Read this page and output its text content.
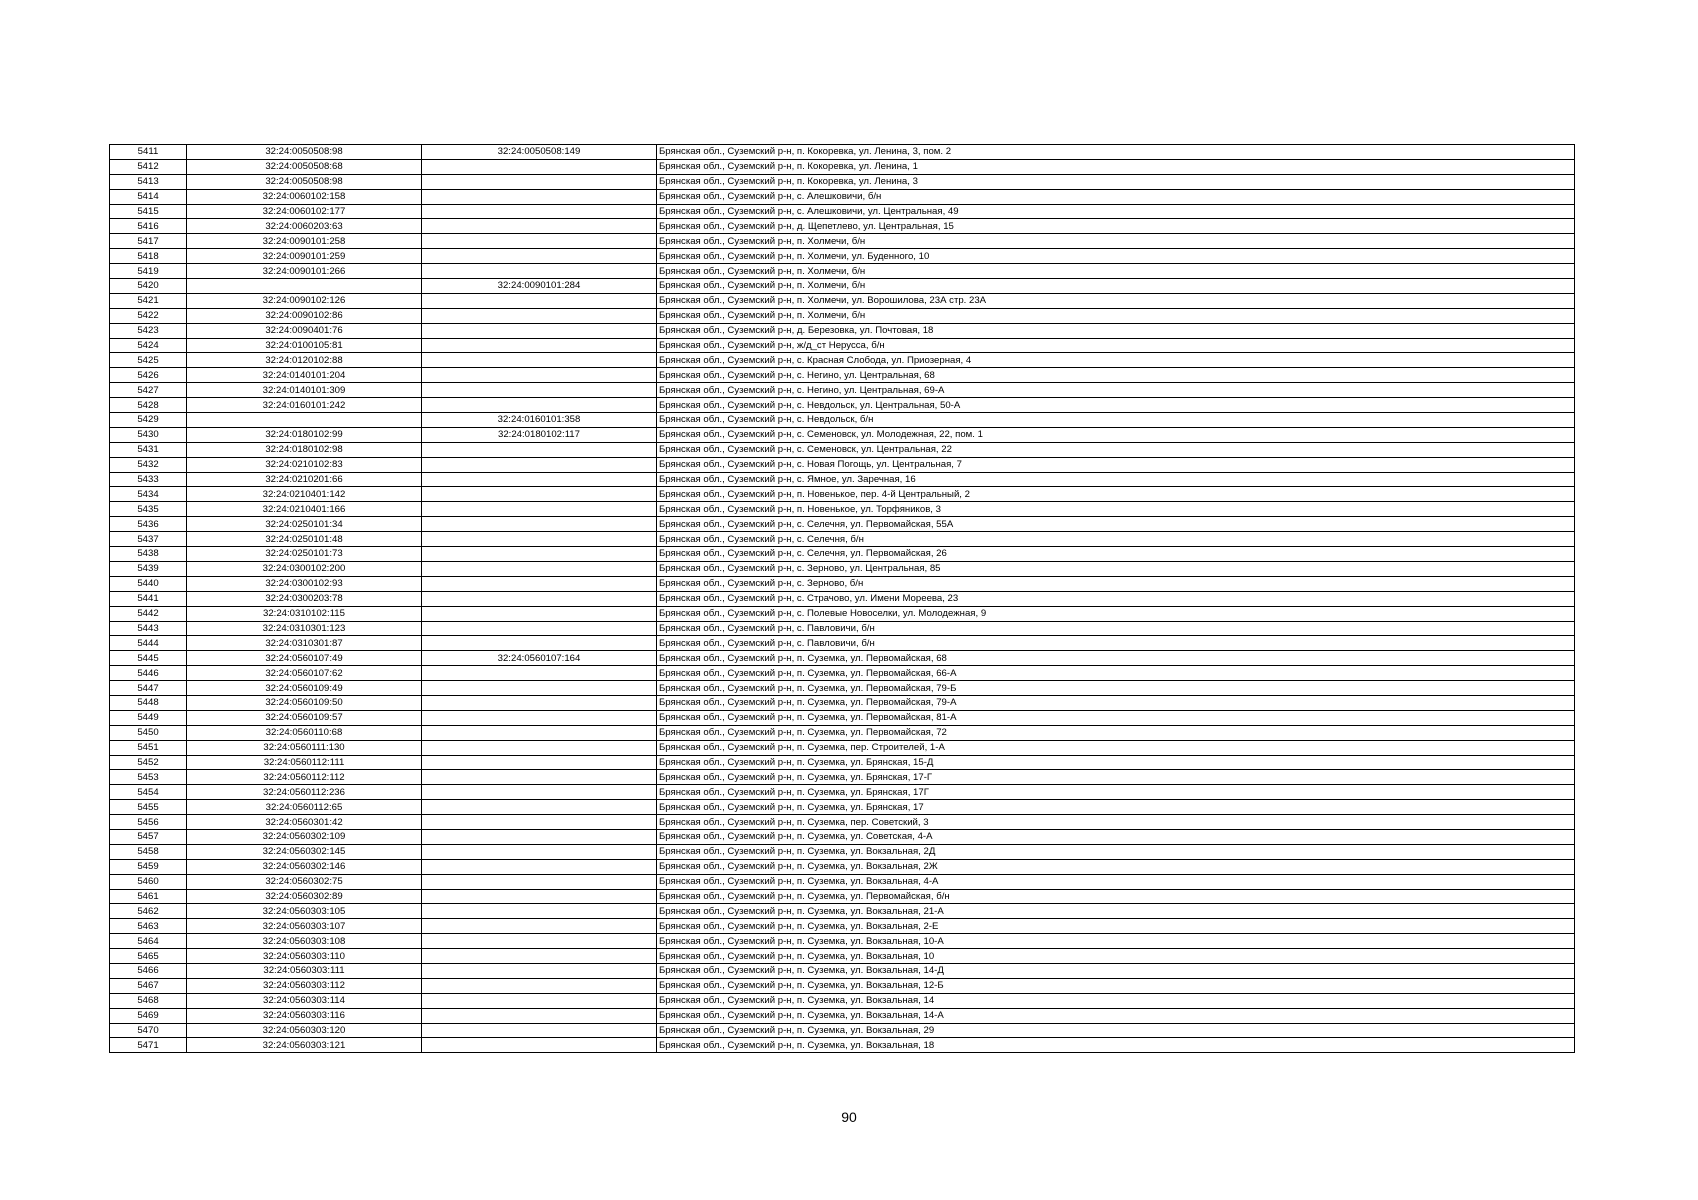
5411	32:24:0050508:98	32:24:0050508:149	Брянская обл., Суземский р-н, п. Кокоревка, ул. Ленина, 3, пом. 2
5412	32:24:0050508:68		Брянская обл., Суземский р-н, п. Кокоревка, ул. Ленина, 1
5413	32:24:0050508:98		Брянская обл., Суземский р-н, п. Кокоревка, ул. Ленина, 3
5414	32:24:0060102:158		Брянская обл., Суземский р-н, с. Алешковичи, б/н
5415	32:24:0060102:177		Брянская обл., Суземский р-н, с. Алешковичи, ул. Центральная, 49
5416	32:24:0060203:63		Брянская обл., Суземский р-н, д. Щепетлево, ул. Центральная, 15
5417	32:24:0090101:258		Брянская обл., Суземский р-н, п. Холмечи, б/н
5418	32:24:0090101:259		Брянская обл., Суземский р-н, п. Холмечи, ул. Буденного, 10
5419	32:24:0090101:266		Брянская обл., Суземский р-н, п. Холмечи, б/н
5420		32:24:0090101:284	Брянская обл., Суземский р-н, п. Холмечи, б/н
5421	32:24:0090102:126		Брянская обл., Суземский р-н, п. Холмечи, ул. Ворошилова, 23А стр. 23А
5422	32:24:0090102:86		Брянская обл., Суземский р-н, п. Холмечи, б/н
5423	32:24:0090401:76		Брянская обл., Суземский р-н, д. Березовка, ул. Почтовая, 18
5424	32:24:0100105:81		Брянская обл., Суземский р-н, ж/д_ст Нерусса, б/н
5425	32:24:0120102:88		Брянская обл., Суземский р-н, с. Красная Слобода, ул. Приозерная, 4
5426	32:24:0140101:204		Брянская обл., Суземский р-н, с. Негино, ул. Центральная, 68
5427	32:24:0140101:309		Брянская обл., Суземский р-н, с. Негино, ул. Центральная, 69-А
5428	32:24:0160101:242		Брянская обл., Суземский р-н, с. Невдольск, ул. Центральная, 50-А
5429		32:24:0160101:358	Брянская обл., Суземский р-н, с. Невдольск, б/н
5430	32:24:0180102:99	32:24:0180102:117	Брянская обл., Суземский р-н, с. Семеновск, ул. Молодежная, 22, пом. 1
5431	32:24:0180102:98		Брянская обл., Суземский р-н, с. Семеновск, ул. Центральная, 22
5432	32:24:0210102:83		Брянская обл., Суземский р-н, с. Новая Погощь, ул. Центральная, 7
5433	32:24:0210201:66		Брянская обл., Суземский р-н, с. Ямное, ул. Заречная, 16
5434	32:24:0210401:142		Брянская обл., Суземский р-н, п. Новенькое, пер. 4-й Центральный, 2
5435	32:24:0210401:166		Брянская обл., Суземский р-н, п. Новенькое, ул. Торфяников, 3
5436	32:24:0250101:34		Брянская обл., Суземский р-н, с. Селечня, ул. Первомайская, 55А
5437	32:24:0250101:48		Брянская обл., Суземский р-н, с. Селечня, б/н
5438	32:24:0250101:73		Брянская обл., Суземский р-н, с. Селечня, ул. Первомайская, 26
5439	32:24:0300102:200		Брянская обл., Суземский р-н, с. Зерново, ул. Центральная, 85
5440	32:24:0300102:93		Брянская обл., Суземский р-н, с. Зерново, б/н
5441	32:24:0300203:78		Брянская обл., Суземский р-н, с. Страчово, ул. Имени Мореева, 23
5442	32:24:0310102:115		Брянская обл., Суземский р-н, с. Полевые Новоселки, ул. Молодежная, 9
5443	32:24:0310301:123		Брянская обл., Суземский р-н, с. Павловичи, б/н
5444	32:24:0310301:87		Брянская обл., Суземский р-н, с. Павловичи, б/н
5445	32:24:0560107:49	32:24:0560107:164	Брянская обл., Суземский р-н, п. Суземка, ул. Первомайская, 68
5446	32:24:0560107:62		Брянская обл., Суземский р-н, п. Суземка, ул. Первомайская, 66-А
5447	32:24:0560109:49		Брянская обл., Суземский р-н, п. Суземка, ул. Первомайская, 79-Б
5448	32:24:0560109:50		Брянская обл., Суземский р-н, п. Суземка, ул. Первомайская, 79-А
5449	32:24:0560109:57		Брянская обл., Суземский р-н, п. Суземка, ул. Первомайская, 81-А
5450	32:24:0560110:68		Брянская обл., Суземский р-н, п. Суземка, ул. Первомайская, 72
5451	32:24:0560111:130		Брянская обл., Суземский р-н, п. Суземка, пер. Строителей, 1-А
5452	32:24:0560112:111		Брянская обл., Суземский р-н, п. Суземка, ул. Брянская, 15-Д
5453	32:24:0560112:112		Брянская обл., Суземский р-н, п. Суземка, ул. Брянская, 17-Г
5454	32:24:0560112:236		Брянская обл., Суземский р-н, п. Суземка, ул. Брянская, 17Г
5455	32:24:0560112:65		Брянская обл., Суземский р-н, п. Суземка, ул. Брянская, 17
5456	32:24:0560301:42		Брянская обл., Суземский р-н, п. Суземка, пер. Советский, 3
5457	32:24:0560302:109		Брянская обл., Суземский р-н, п. Суземка, ул. Советская, 4-А
5458	32:24:0560302:145		Брянская обл., Суземский р-н, п. Суземка, ул. Вокзальная, 2Д
5459	32:24:0560302:146		Брянская обл., Суземский р-н, п. Суземка, ул. Вокзальная, 2Ж
5460	32:24:0560302:75		Брянская обл., Суземский р-н, п. Суземка, ул. Вокзальная, 4-А
5461	32:24:0560302:89		Брянская обл., Суземский р-н, п. Суземка, ул. Первомайская, б/н
5462	32:24:0560303:105		Брянская обл., Суземский р-н, п. Суземка, ул. Вокзальная, 21-А
5463	32:24:0560303:107		Брянская обл., Суземский р-н, п. Суземка, ул. Вокзальная, 2-Е
5464	32:24:0560303:108		Брянская обл., Суземский р-н, п. Суземка, ул. Вокзальная, 10-А
5465	32:24:0560303:110		Брянская обл., Суземский р-н, п. Суземка, ул. Вокзальная, 10
5466	32:24:0560303:111		Брянская обл., Суземский р-н, п. Суземка, ул. Вокзальная, 14-Д
5467	32:24:0560303:112		Брянская обл., Суземский р-н, п. Суземка, ул. Вокзальная, 12-Б
5468	32:24:0560303:114		Брянская обл., Суземский р-н, п. Суземка, ул. Вокзальная, 14
5469	32:24:0560303:116		Брянская обл., Суземский р-н, п. Суземка, ул. Вокзальная, 14-А
5470	32:24:0560303:120		Брянская обл., Суземский р-н, п. Суземка, ул. Вокзальная, 29
5471	32:24:0560303:121		Брянская обл., Суземский р-н, п. Суземка, ул. Вокзальная, 18
90
